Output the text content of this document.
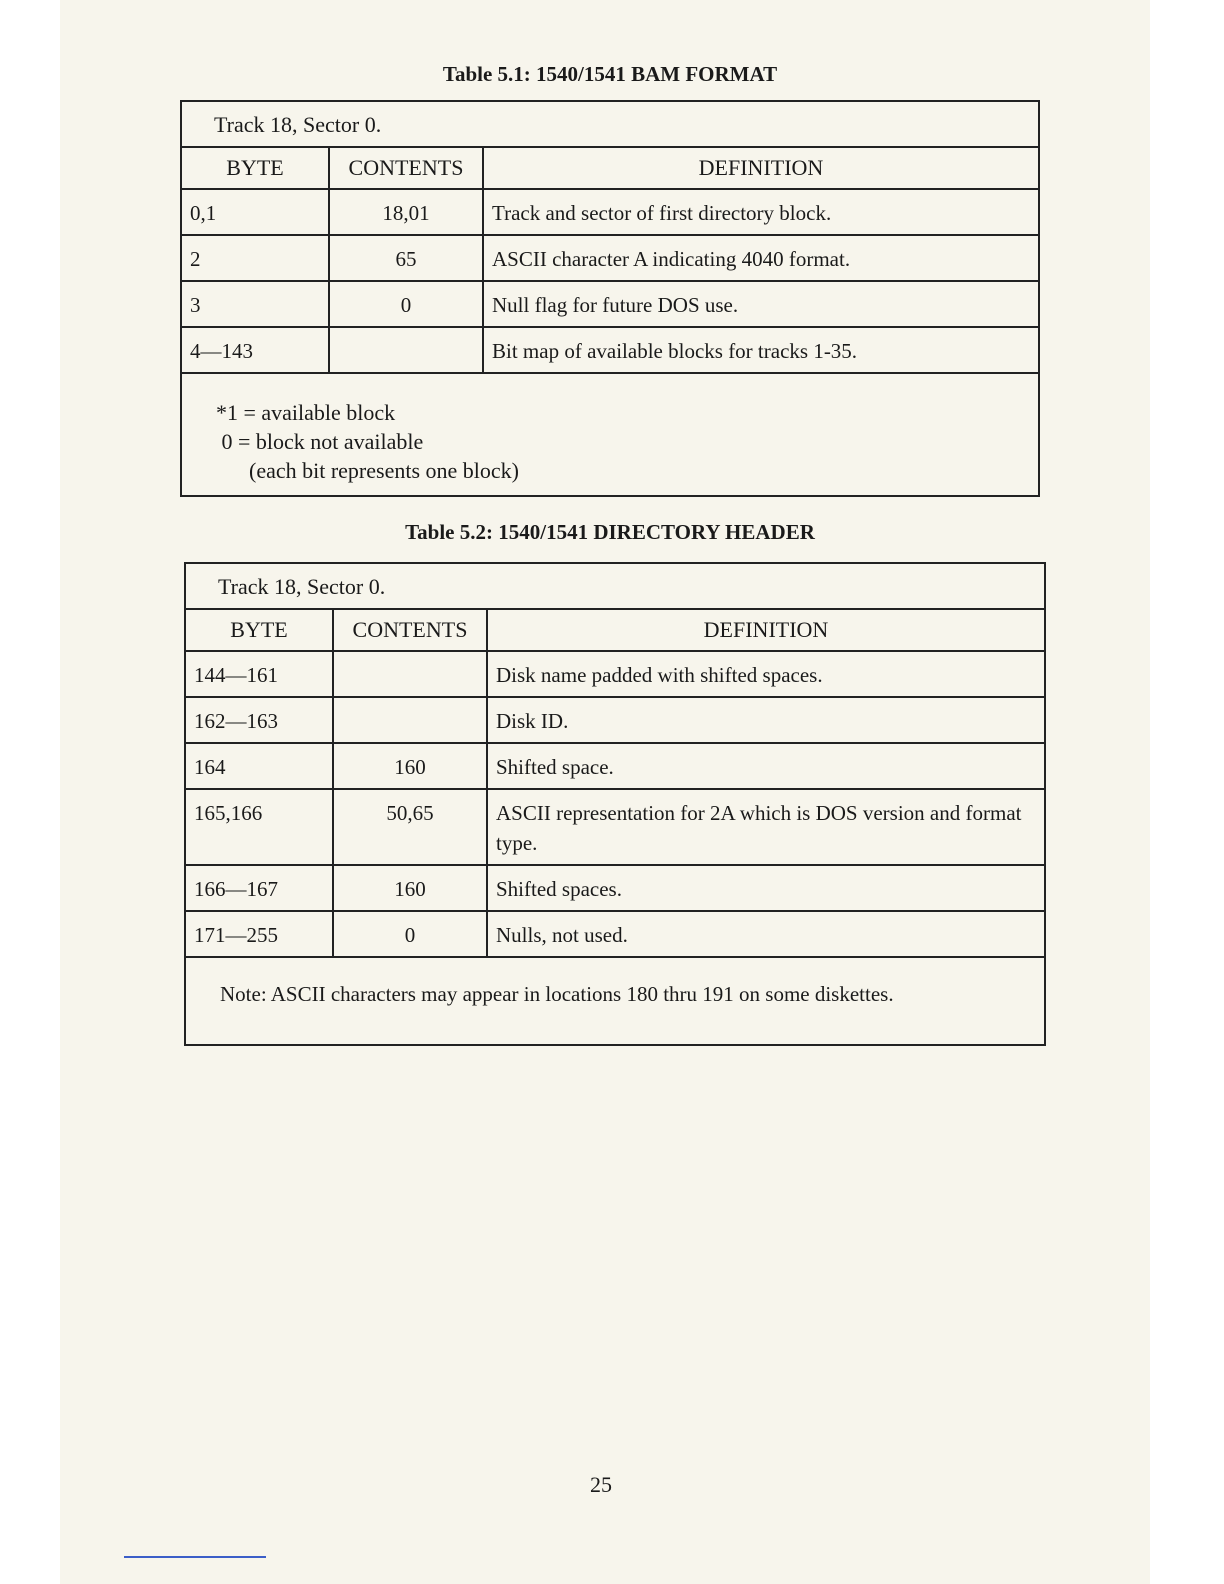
Table 5.1: 1540/1541 BAM FORMAT
Track 18, Sector 0.
BYTE	CONTENTS	DEFINITION
0,1	18,01	Track and sector of first directory block.
2	65	ASCII character A indicating 4040 format.
3	0	Null flag for future DOS use.
4—143		Bit map of available blocks for tracks 1-35.
*1 = available block
0 = block not available
(each bit represents one block)
Table 5.2: 1540/1541 DIRECTORY HEADER
Track 18, Sector 0.
BYTE	CONTENTS	DEFINITION
144—161		Disk name padded with shifted spaces.
162—163		Disk ID.
164	160	Shifted space.
165,166	50,65	ASCII representation for 2A which is DOS version and format type.
166—167	160	Shifted spaces.
171—255	0	Nulls, not used.
Note: ASCII characters may appear in locations 180 thru 191 on some diskettes.
25
